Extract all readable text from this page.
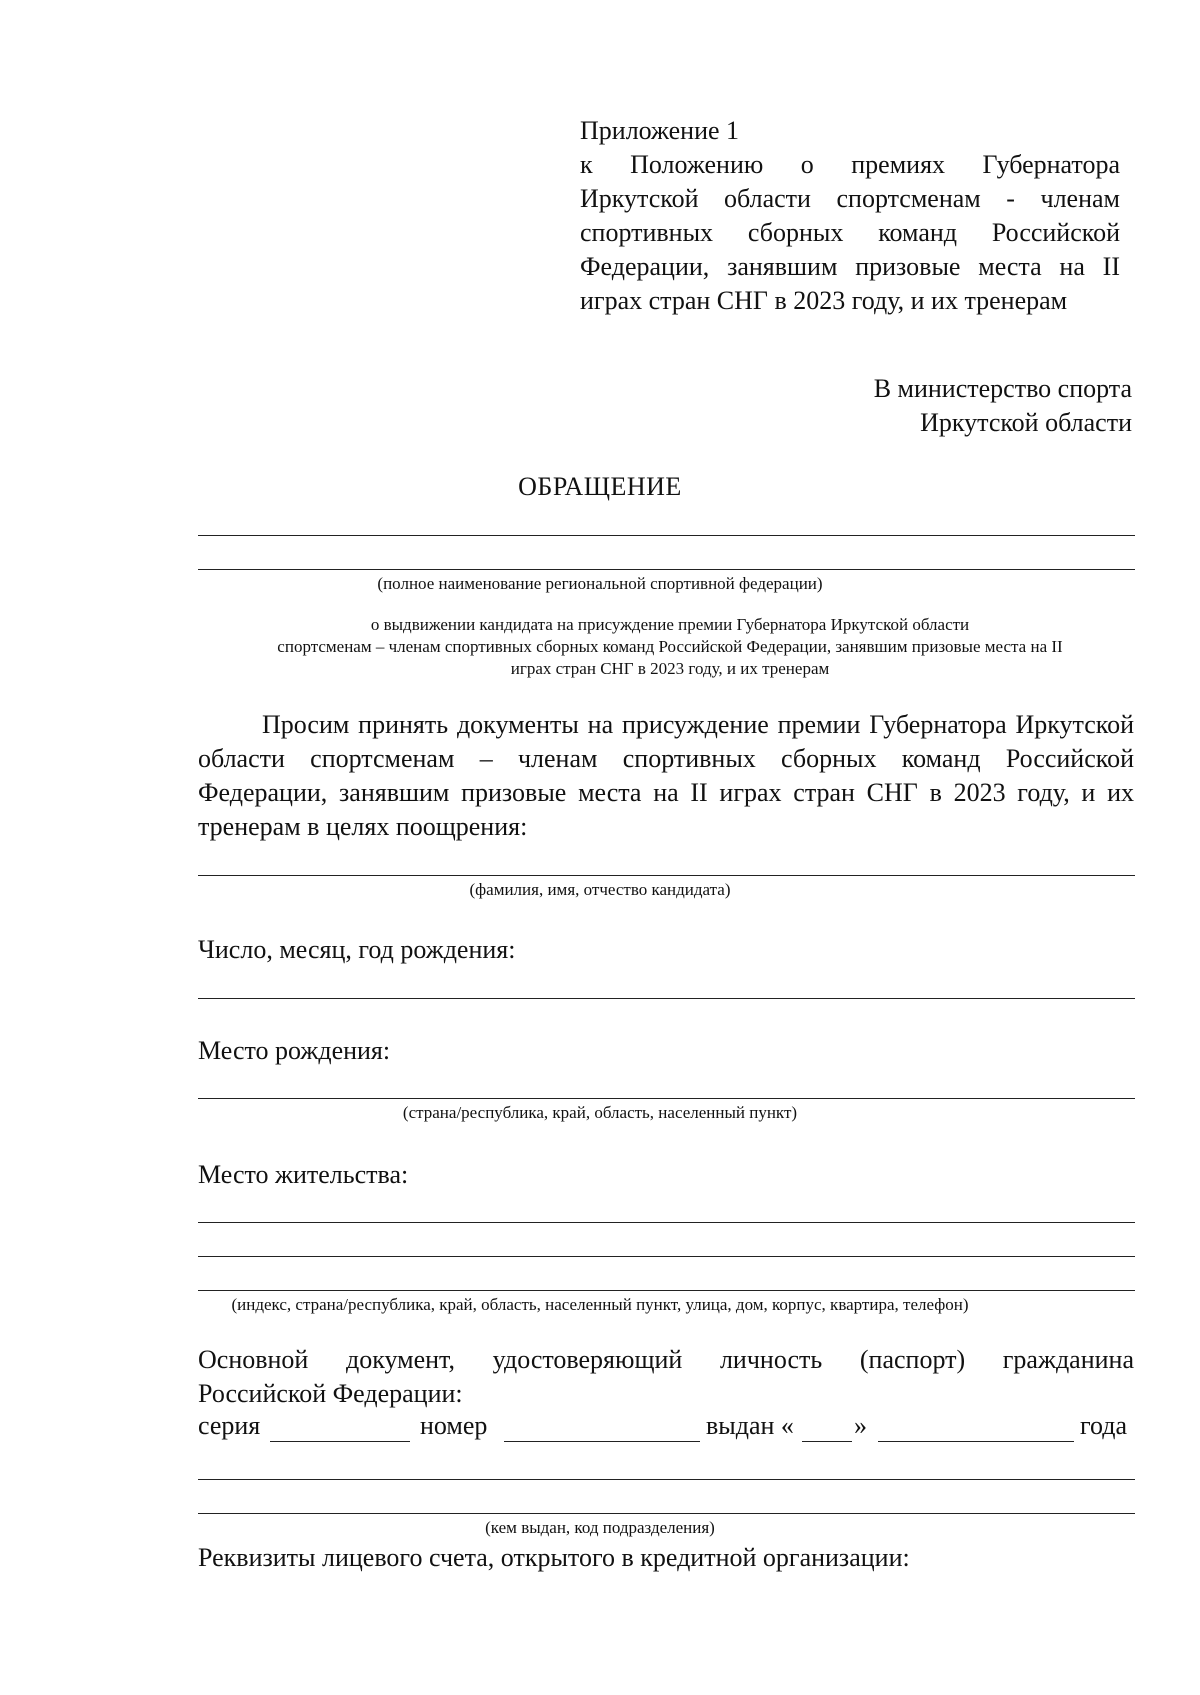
Приложение 1
к Положению о премиях Губернатора
Иркутской области спортсменам - членам
спортивных сборных команд Российской
Федерации, занявшим призовые места на II
играх стран СНГ в 2023 году, и их тренерам
В министерство спорта
Иркутской области
ОБРАЩЕНИЕ
(полное наименование региональной спортивной федерации)
о выдвижении кандидата на присуждение премии Губернатора Иркутской области
спортсменам – членам спортивных сборных команд Российской Федерации, занявшим призовые места на II
играх стран СНГ в 2023 году, и их тренерам
Просим принять документы на присуждение премии Губернатора Иркутской области спортсменам – членам спортивных сборных команд Российской Федерации, занявшим призовые места на II играх стран СНГ в 2023 году, и их тренерам в целях поощрения:
(фамилия, имя, отчество кандидата)
Число, месяц, год рождения:
Место рождения:
(страна/республика, край, область, населенный пункт)
Место жительства:
(индекс, страна/республика, край, область, населенный пункт, улица, дом, корпус, квартира, телефон)
Основной документ, удостоверяющий личность (паспорт) гражданина
Российской Федерации:
серия	номер	выдан « »	года
(кем выдан, код подразделения)
Реквизиты лицевого счета, открытого в кредитной организации:
